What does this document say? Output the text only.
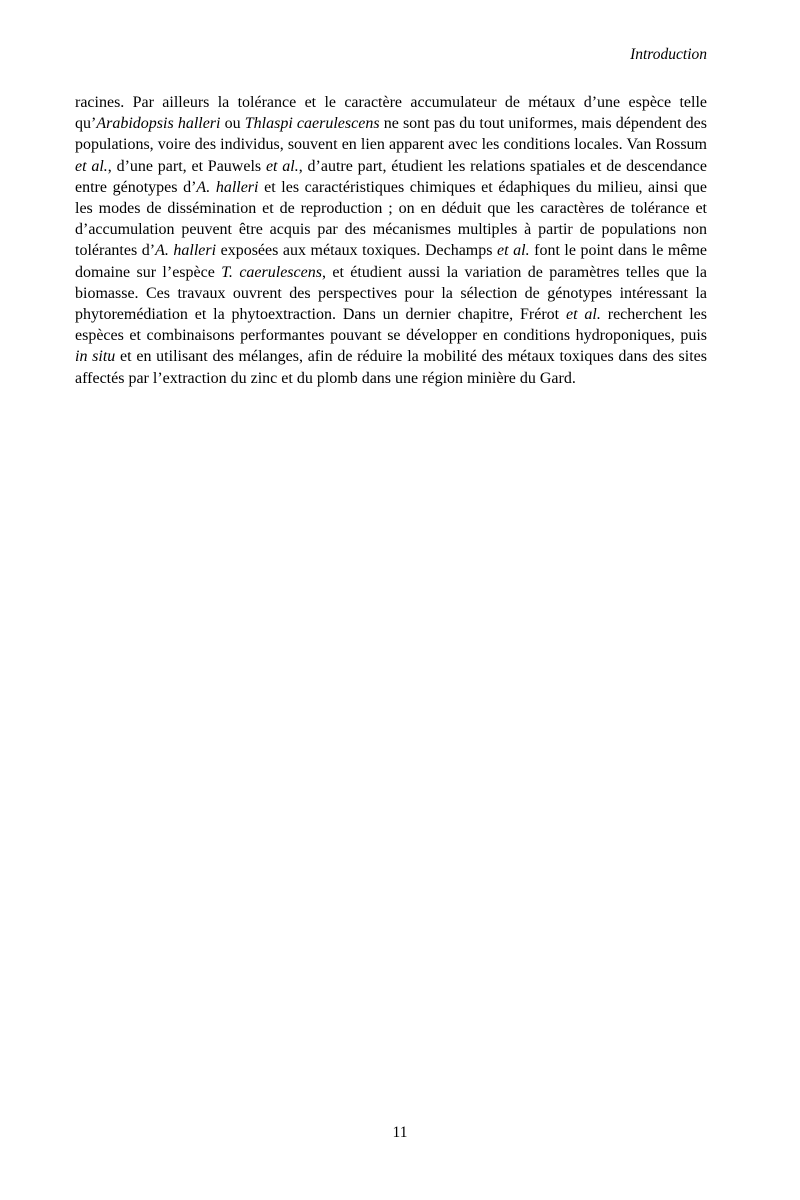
Introduction
racines. Par ailleurs la tolérance et le caractère accumulateur de métaux d’une espèce telle qu’Arabidopsis halleri ou Thlaspi caerulescens ne sont pas du tout uniformes, mais dépendent des populations, voire des individus, souvent en lien apparent avec les conditions locales. Van Rossum et al., d’une part, et Pauwels et al., d’autre part, étudient les relations spatiales et de descendance entre génotypes d’A. halleri et les caractéristiques chimiques et édaphiques du milieu, ainsi que les modes de dissémination et de reproduction ; on en déduit que les caractères de tolérance et d’accumulation peuvent être acquis par des mécanismes multiples à partir de populations non tolérantes d’A. halleri exposées aux métaux toxiques. Dechamps et al. font le point dans le même domaine sur l’espèce T. caerulescens, et étudient aussi la variation de paramètres telles que la biomasse. Ces travaux ouvrent des perspectives pour la sélection de génotypes intéressant la phytoremédiation et la phytoextraction. Dans un dernier chapitre, Frérot et al. recherchent les espèces et combinaisons performantes pouvant se développer en conditions hydroponiques, puis in situ et en utilisant des mélanges, afin de réduire la mobilité des métaux toxiques dans des sites affectés par l’extraction du zinc et du plomb dans une région minière du Gard.
11
